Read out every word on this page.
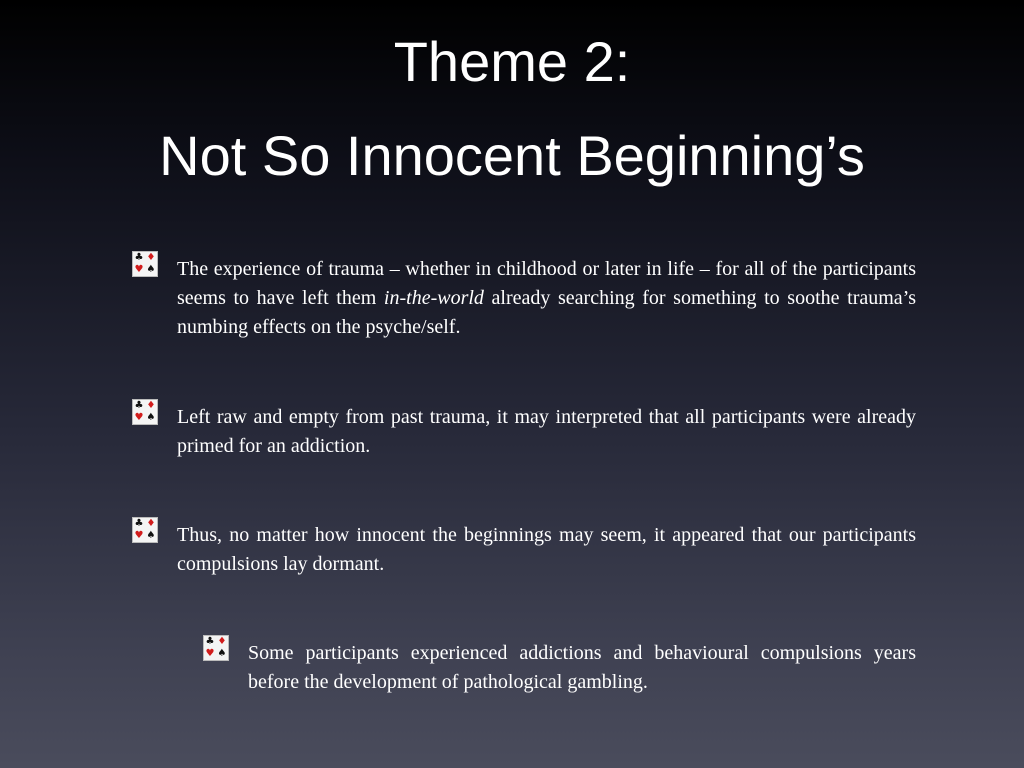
Theme 2:
Not So Innocent Beginning’s
♣ ♦
♥ ♠ The experience of trauma – whether in childhood or later in life – for all of the participants seems to have left them in-the-world already searching for something to soothe trauma’s numbing effects on the psyche/self.
♣ ♦
♥ ♠ Left raw and empty from past trauma, it may interpreted that all participants were already primed for an addiction.
♣ ♦
♥ ♠ Thus, no matter how innocent the beginnings may seem, it appeared that our participants compulsions lay dormant.
♣ ♦
♥ ♠ Some participants experienced addictions and behavioural compulsions years before the development of pathological gambling.
